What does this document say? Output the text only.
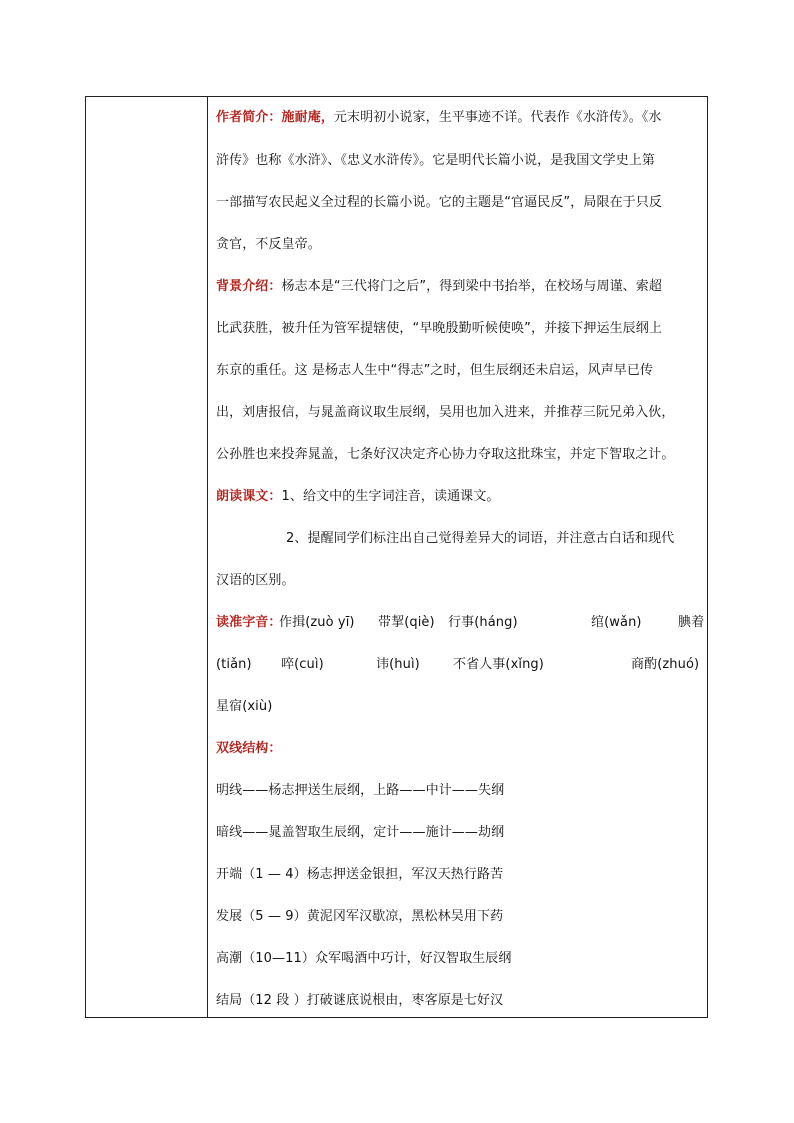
作者简介：施耐庵，元末明初小说家，生平事迹不详。代表作《水浒传》。《水
浒传》也称《水浒》、《忠义水浒传》。它是明代长篇小说，是我国文学史上第
一部描写农民起义全过程的长篇小说。它的主题是“官逼民反”，局限在于只反
贪官，不反皇帝。
背景介绍：杨志本是“三代将门之后”，得到梁中书抬举，在校场与周谨、索超
比武获胜，被升任为管军提辖使，“早晚殷勤听候使唤”，并接下押运生辰纲上
东京的重任。这 是杨志人生中“得志”之时，但生辰纲还未启运，风声早已传
出，刘唐报信，与晁盖商议取生辰纲，吴用也加入进来，并推荐三阮兄弟入伙，
公孙胜也来投奔晁盖，七条好汉决定齐心协力夺取这批珠宝，并定下智取之计。
朗读课文：1、给文中的生字词注音，读通课文。
2、提醒同学们标注出自己觉得差异大的词语，并注意古白话和现代
汉语的区别。
读准字音：
作揖(zuò yī) 带挈(qiè) 行事(háng)	绾(wǎn)	腆着
(tiǎn) 啐(cuì)	讳(huì)	不省人事(xǐng)	商酌(zhuó)
星宿(xiù)
双线结构：
明线——杨志押送生辰纲，上路——中计——失纲
暗线——晁盖智取生辰纲，定计——施计——劫纲
开端（1 — 4）杨志押送金银担，军汉天热行路苦
发展（5 — 9）黄泥冈军汉歇凉，黑松林吴用下药
高潮（10—11）众军喝酒中巧计，好汉智取生辰纲
结局（12 段 ）打破谜底说根由，枣客原是七好汉
